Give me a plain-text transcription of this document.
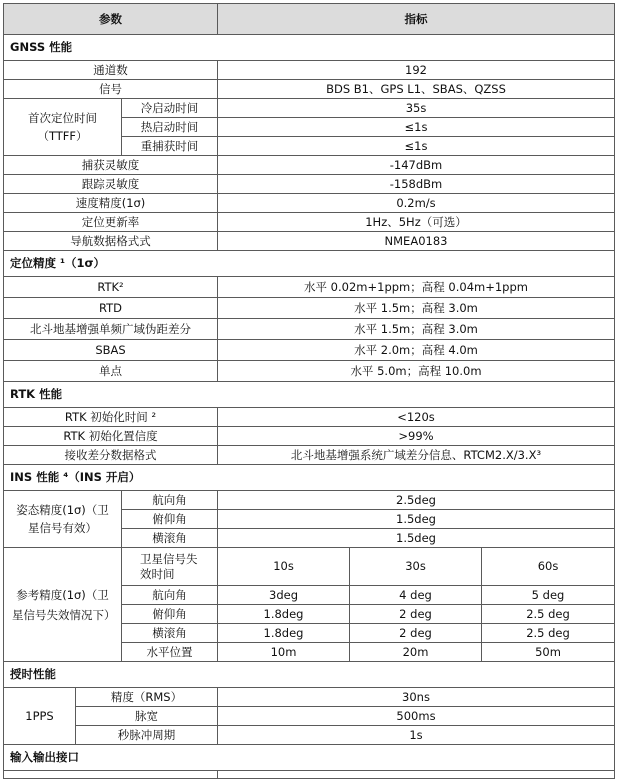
参数			指标		
GNSS 性能					
通道数			192		
信号			BDS B1、GPS L1、SBAS、QZSS		
首次定位时间（TTFF）		冷启动时间	35s		
		热启动时间	≤1s		
		重捕获时间	≤1s		
捕获灵敏度			-147dBm		
跟踪灵敏度			-158dBm		
速度精度(1σ)			0.2m/s		
定位更新率			1Hz、5Hz（可选）		
导航数据格式式			NMEA0183		
定位精度 ¹（1σ）					
RTK²			水平 0.02m+1ppm；高程 0.04m+1ppm		
RTD			水平 1.5m；高程 3.0m		
北斗地基增强单频广域伪距差分			水平 1.5m；高程 3.0m		
SBAS			水平 2.0m；高程 4.0m		
单点			水平 5.0m；高程 10.0m		
RTK 性能					
RTK 初始化时间 ²			<120s		
RTK 初始化置信度			>99%		
接收差分数据格式			北斗地基增强系统广域差分信息、RTCM2.X/3.X³		
INS 性能 ⁴（INS 开启）					
姿态精度(1σ)（卫星信号有效）		航向角	2.5deg		
		俯仰角	1.5deg		
		横滚角	1.5deg		
参考精度(1σ)（卫星信号失效情况下）		卫星信号失效时间	10s	30s	60s
		航向角	3deg	4 deg	5 deg
		俯仰角	1.8deg	2 deg	2.5 deg
		横滚角	1.8deg	2 deg	2.5 deg
		水平位置	10m	20m	50m
授时性能					
1PPS	精度（RMS）		30ns		
	脉宽		500ms		
	秒脉冲周期		1s		
输入输出接口					
